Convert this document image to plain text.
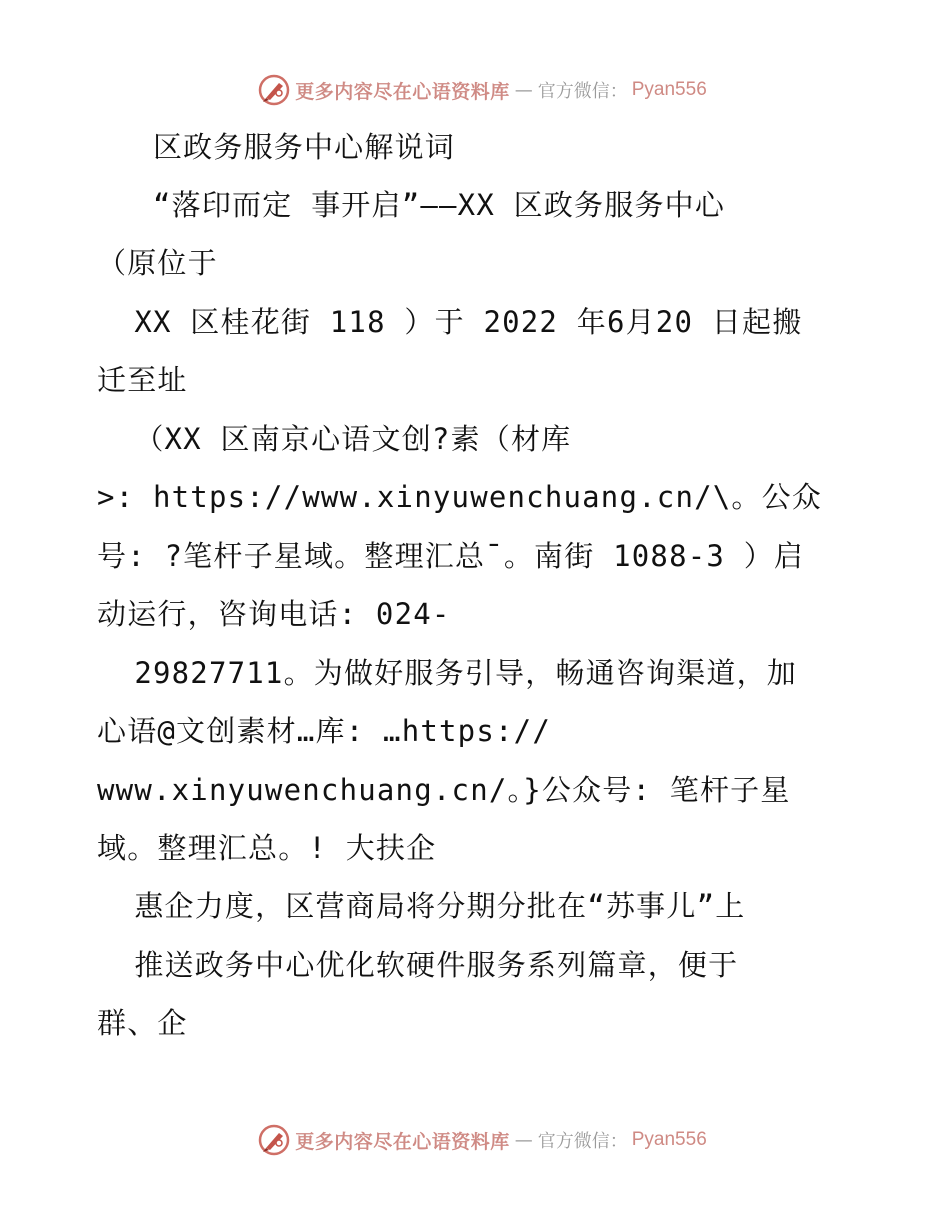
更多内容尽在心语资料库 — 官方微信： Pyan556
区政务服务中心解说词
“落印而定 事开启”——XX 区政务服务中心
（原位于
XX 区桂花街 118 ）于 2022 年6月20 日起搬
迁至址
（XX 区南京心语文创?素（材库
>: https://www.xinyuwenchuang.cn/\。公众
号: ?笔杆子星域。整理汇总¯。南街 1088-3 ）启
动运行，咨询电话: 024-
29827711。为做好服务引导，畅通咨询渠道，加
心语@文创素材…库: …https://
www.xinyuwenchuang.cn/。}公众号: 笔杆子星
域。整理汇总。! 大扶企
惠企力度，区营商局将分期分批在“苏事儿”上
推送政务中心优化软硬件服务系列篇章，便于
群、企
更多内容尽在心语资料库 — 官方微信： Pyan556
